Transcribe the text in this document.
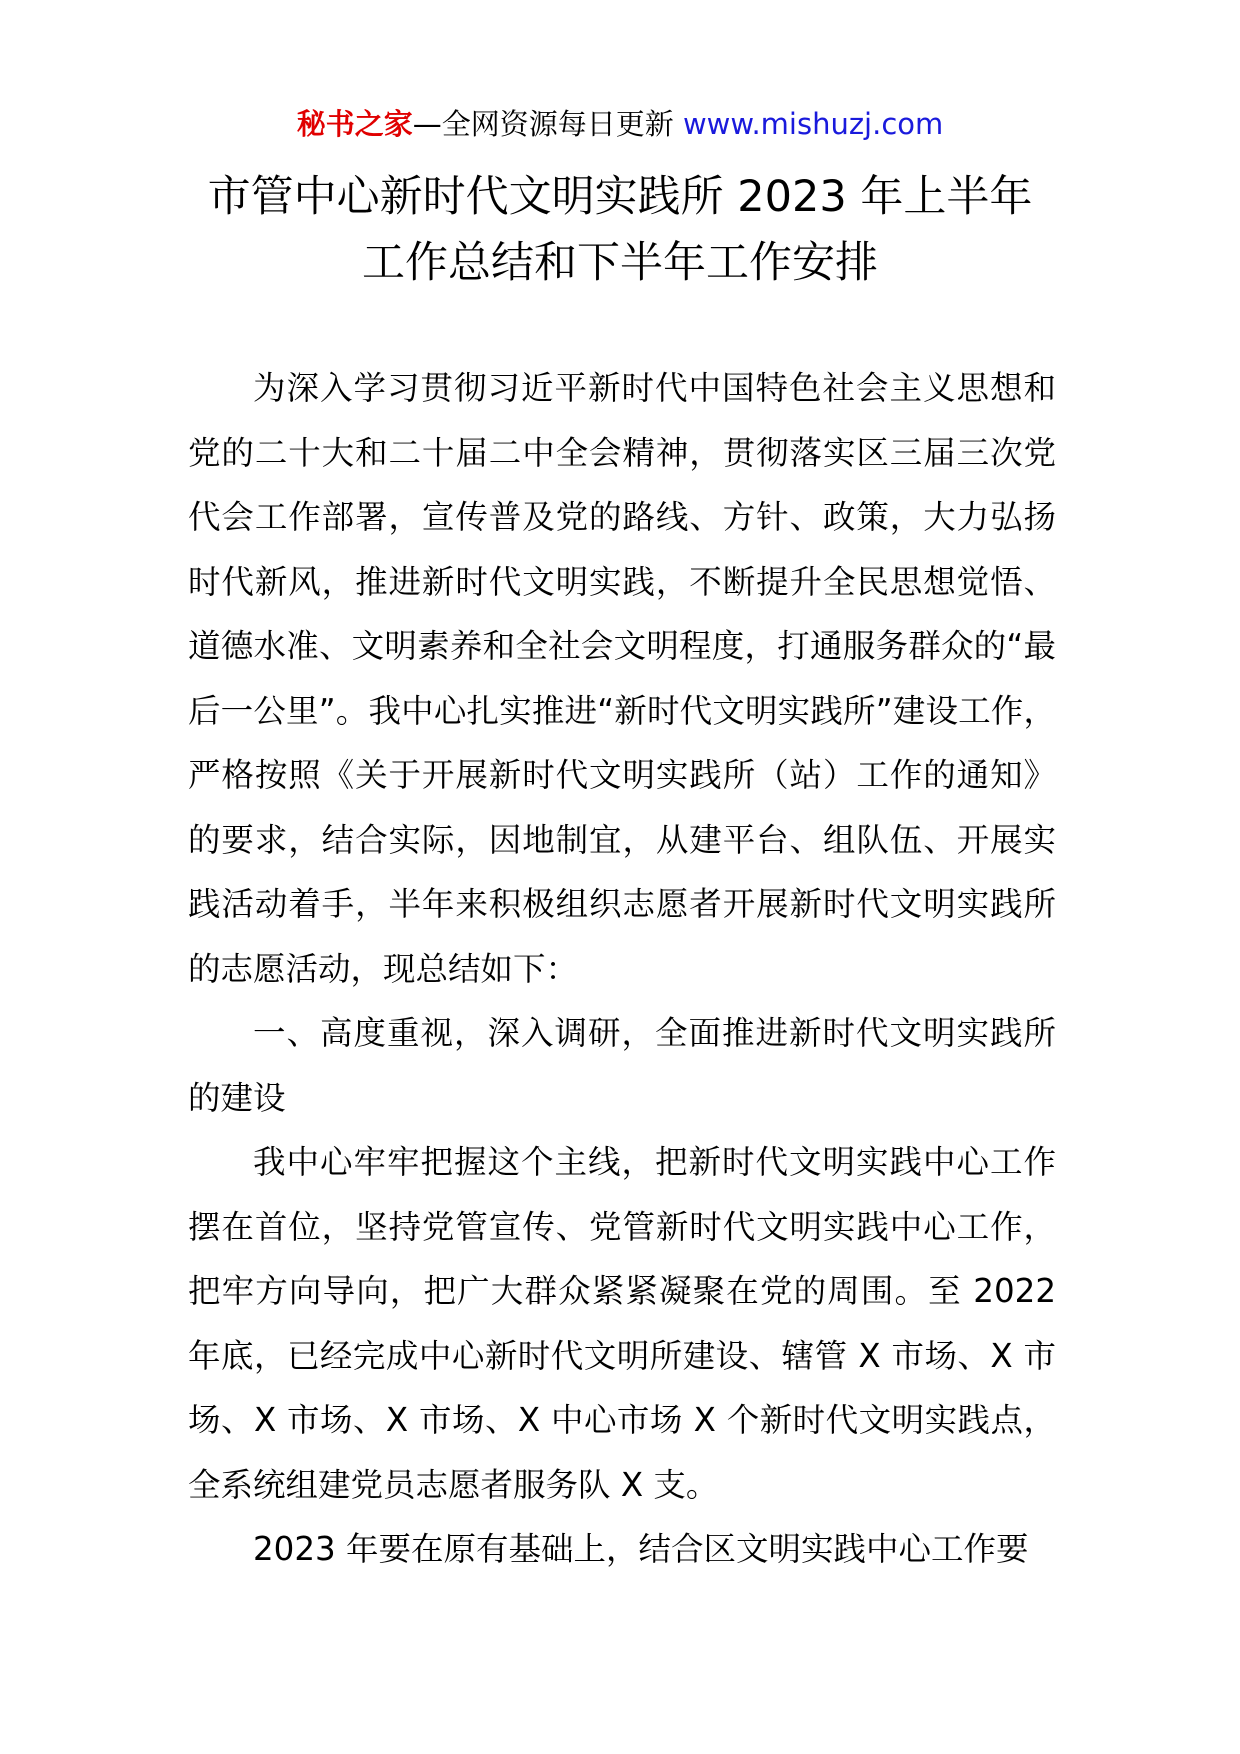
秘书之家—全网资源每日更新 www.mishuzj.com
市管中心新时代文明实践所 2023 年上半年
工作总结和下半年工作安排

为深入学习贯彻习近平新时代中国特色社会主义思想和党的二十大和二十届二中全会精神，贯彻落实区三届三次党代会工作部署，宣传普及党的路线、方针、政策，大力弘扬时代新风，推进新时代文明实践，不断提升全民思想觉悟、道德水准、文明素养和全社会文明程度，打通服务群众的“最后一公里”。我中心扎实推进“新时代文明实践所”建设工作，严格按照《关于开展新时代文明实践所（站）工作的通知》的要求，结合实际，因地制宜，从建平台、组队伍、开展实践活动着手，半年来积极组织志愿者开展新时代文明实践所的志愿活动，现总结如下：

一、高度重视，深入调研，全面推进新时代文明实践所的建设

我中心牢牢把握这个主线，把新时代文明实践中心工作摆在首位，坚持党管宣传、党管新时代文明实践中心工作，把牢方向导向，把广大群众紧紧凝聚在党的周围。至 2022 年底，已经完成中心新时代文明所建设、辖管 X 市场、X 市场、X 市场、X 市场、X 中心市场 X 个新时代文明实践点，全系统组建党员志愿者服务队 X 支。

2023 年要在原有基础上，结合区文明实践中心工作要
